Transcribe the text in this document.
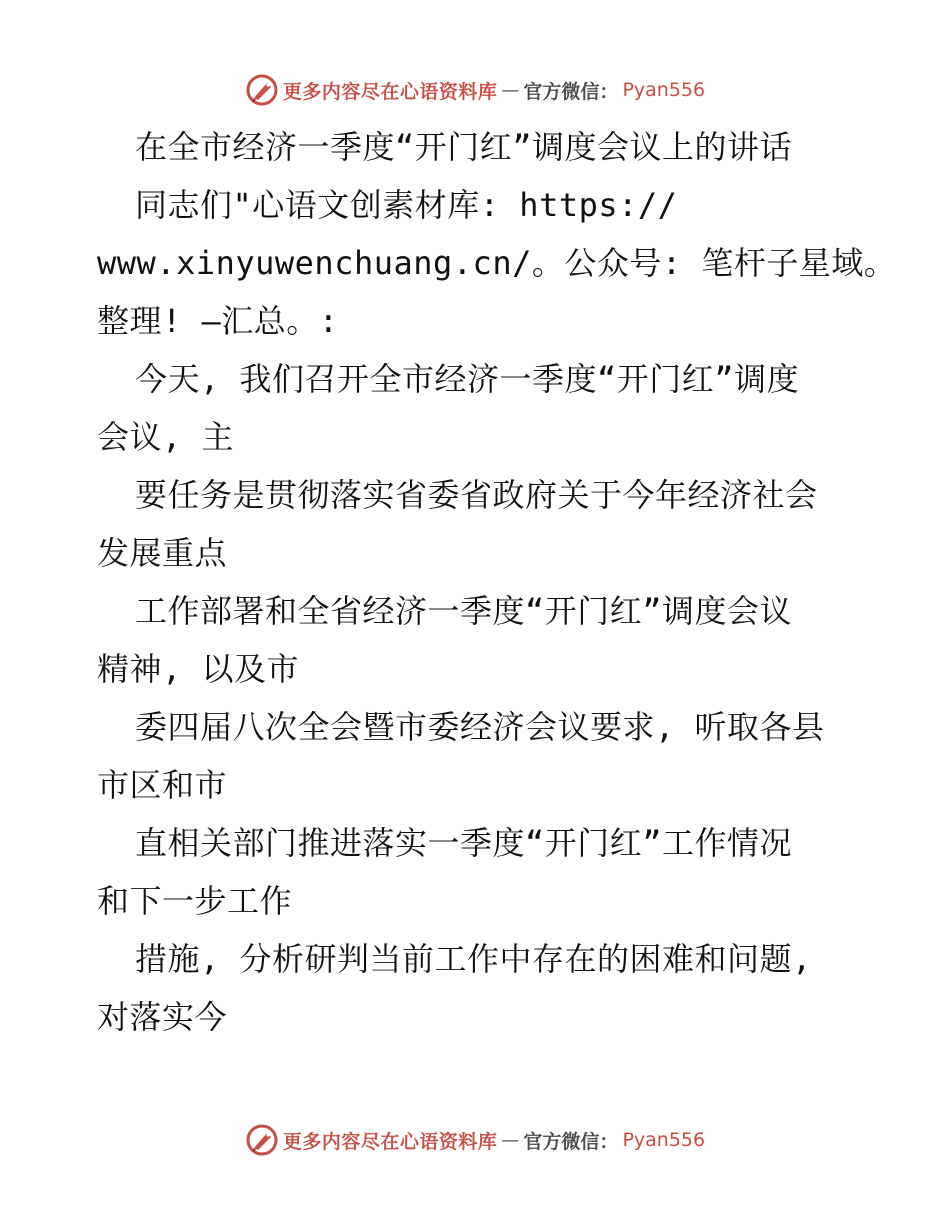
更多内容尽在心语资料库 — 官方微信： Pyan556
在全市经济一季度“开门红”调度会议上的讲话
同志们"心语文创素材库: https://
www.xinyuwenchuang.cn/。公众号: 笔杆子星域。
整理! —汇总。:
今天, 我们召开全市经济一季度“开门红”调度
会议, 主
要任务是贯彻落实省委省政府关于今年经济社会
发展重点
工作部署和全省经济一季度“开门红”调度会议
精神, 以及市
委四届八次全会暨市委经济会议要求, 听取各县
市区和市
直相关部门推进落实一季度“开门红”工作情况
和下一步工作
措施, 分析研判当前工作中存在的困难和问题,
对落实今
更多内容尽在心语资料库 — 官方微信： Pyan556
